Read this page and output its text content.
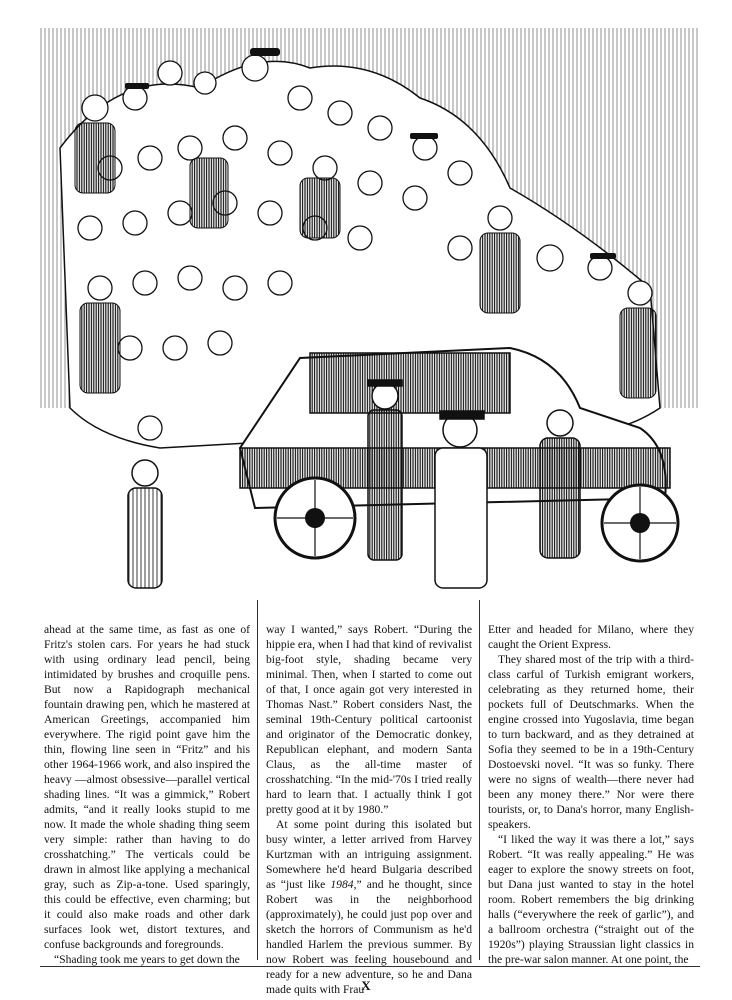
ahead at the same time, as fast as one of Fritz's stolen cars. For years he had stuck with using ordinary lead pencil, being intimidated by brushes and croquille pens. But now a Rapidograph mechanical fountain drawing pen, which he mastered at American Greetings, accompanied him everywhere. The rigid point gave him the thin, flowing line seen in “Fritz” and his other 1964-1966 work, and also inspired the heavy —almost obsessive—parallel vertical shading lines. “It was a gimmick,” Robert admits, “and it really looks stupid to me now. It made the whole shading thing seem very simple: rather than having to do crosshatching.” The verticals could be drawn in almost like applying a mechanical gray, such as Zip-a-tone. Used sparingly, this could be effective, even charming; but it could also make roads and other dark surfaces look wet, distort textures, and confuse backgrounds and foregrounds.

“Shading took me years to get down the

way I wanted,” says Robert. “During the hippie era, when I had that kind of revivalist big-foot style, shading became very minimal. Then, when I started to come out of that, I once again got very interested in Thomas Nast.” Robert considers Nast, the seminal 19th-Century political cartoonist and originator of the Democratic donkey, Republican elephant, and modern Santa Claus, as the all-time master of crosshatching. “In the mid-'70s I tried really hard to learn that. I actually think I got pretty good at it by 1980.”

At some point during this isolated but busy winter, a letter arrived from Harvey Kurtzman with an intriguing assignment. Somewhere he'd heard Bulgaria described as “just like 1984,” and he thought, since Robert was in the neighborhood (approximately), he could just pop over and sketch the horrors of Communism as he'd handled Harlem the previous summer. By now Robert was feeling housebound and ready for a new adventure, so he and Dana made quits with Frau

Etter and headed for Milano, where they caught the Orient Express.

They shared most of the trip with a third-class carful of Turkish emigrant workers, celebrating as they returned home, their pockets full of Deutschmarks. When the engine crossed into Yugoslavia, time began to turn backward, and as they detrained at Sofia they seemed to be in a 19th-Century Dostoevski novel. “It was so funky. There were no signs of wealth—there never had been any money there.” Nor were there tourists, or, to Dana's horror, many English-speakers.

“I liked the way it was there a lot,” says Robert. “It was really appealing.” He was eager to explore the snowy streets on foot, but Dana just wanted to stay in the hotel room. Robert remembers the big drinking halls (“everywhere the reek of garlic”), and a ballroom orchestra (“straight out of the 1920s”) playing Straussian light classics in the pre-war salon manner. At one point, the

X
